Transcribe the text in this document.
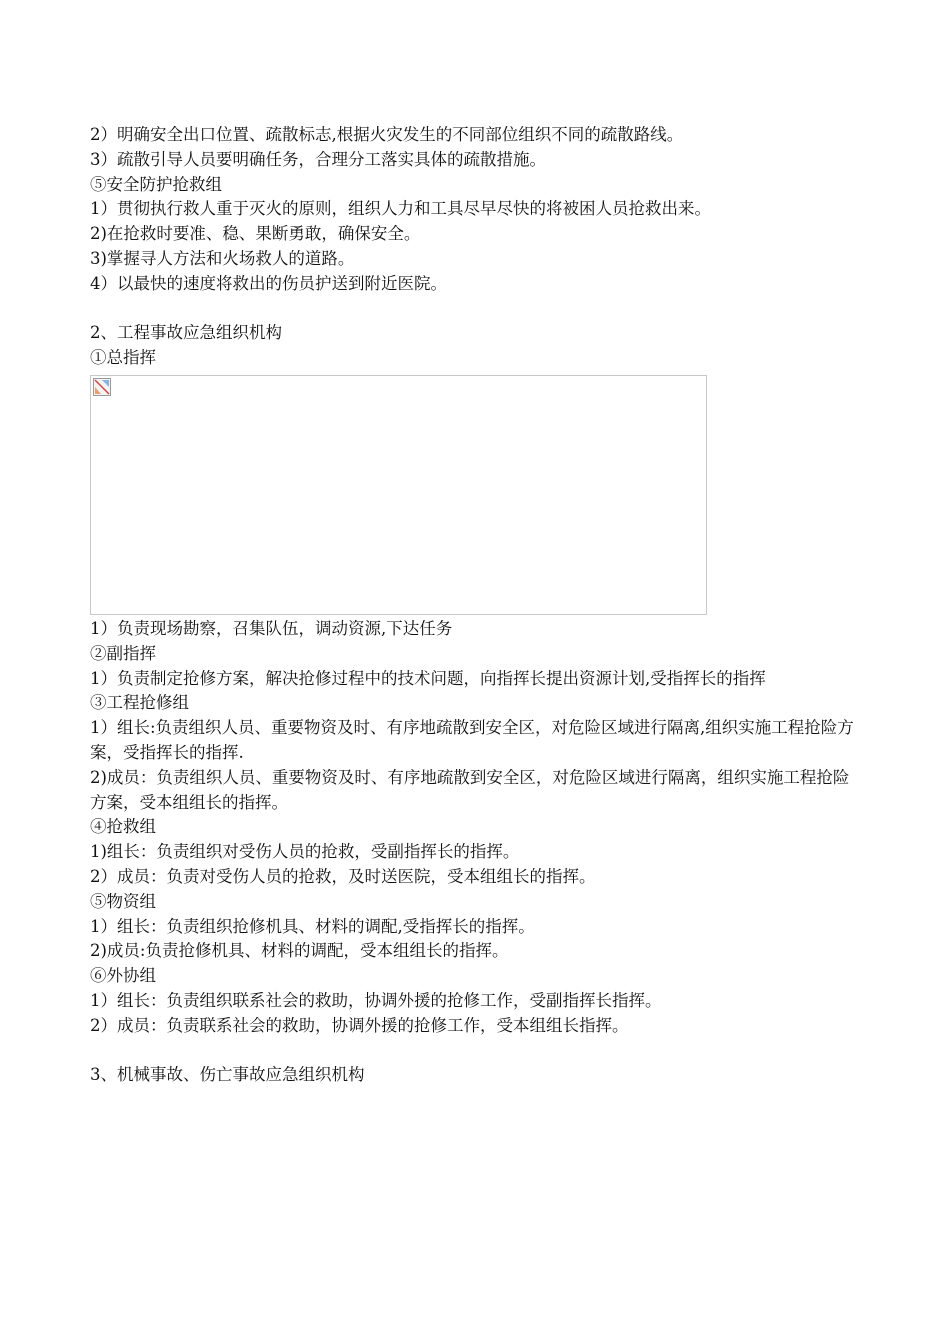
2）明确安全出口位置、疏散标志,根据火灾发生的不同部位组织不同的疏散路线。
3）疏散引导人员要明确任务，合理分工落实具体的疏散措施。
⑤安全防护抢救组
1）贯彻执行救人重于灭火的原则，组织人力和工具尽早尽快的将被困人员抢救出来。
2)在抢救时要准、稳、果断勇敢，确保安全。
3)掌握寻人方法和火场救人的道路。
4）以最快的速度将救出的伤员护送到附近医院。
2、工程事故应急组织机构
①总指挥
1）负责现场勘察，召集队伍，调动资源,下达任务
②副指挥
1）负责制定抢修方案，解决抢修过程中的技术问题，向指挥长提出资源计划,受指挥长的指挥
③工程抢修组
1）组长:负责组织人员、重要物资及时、有序地疏散到安全区，对危险区域进行隔离,组织实施工程抢险方案，受指挥长的指挥.
2)成员：负责组织人员、重要物资及时、有序地疏散到安全区，对危险区域进行隔离，组织实施工程抢险方案，受本组组长的指挥。
④抢救组
1)组长：负责组织对受伤人员的抢救，受副指挥长的指挥。
2）成员：负责对受伤人员的抢救，及时送医院，受本组组长的指挥。
⑤物资组
1）组长：负责组织抢修机具、材料的调配,受指挥长的指挥。
2)成员:负责抢修机具、材料的调配，受本组组长的指挥。
⑥外协组
1）组长：负责组织联系社会的救助，协调外援的抢修工作，受副指挥长指挥。
2）成员：负责联系社会的救助，协调外援的抢修工作，受本组组长指挥。
3、机械事故、伤亡事故应急组织机构
